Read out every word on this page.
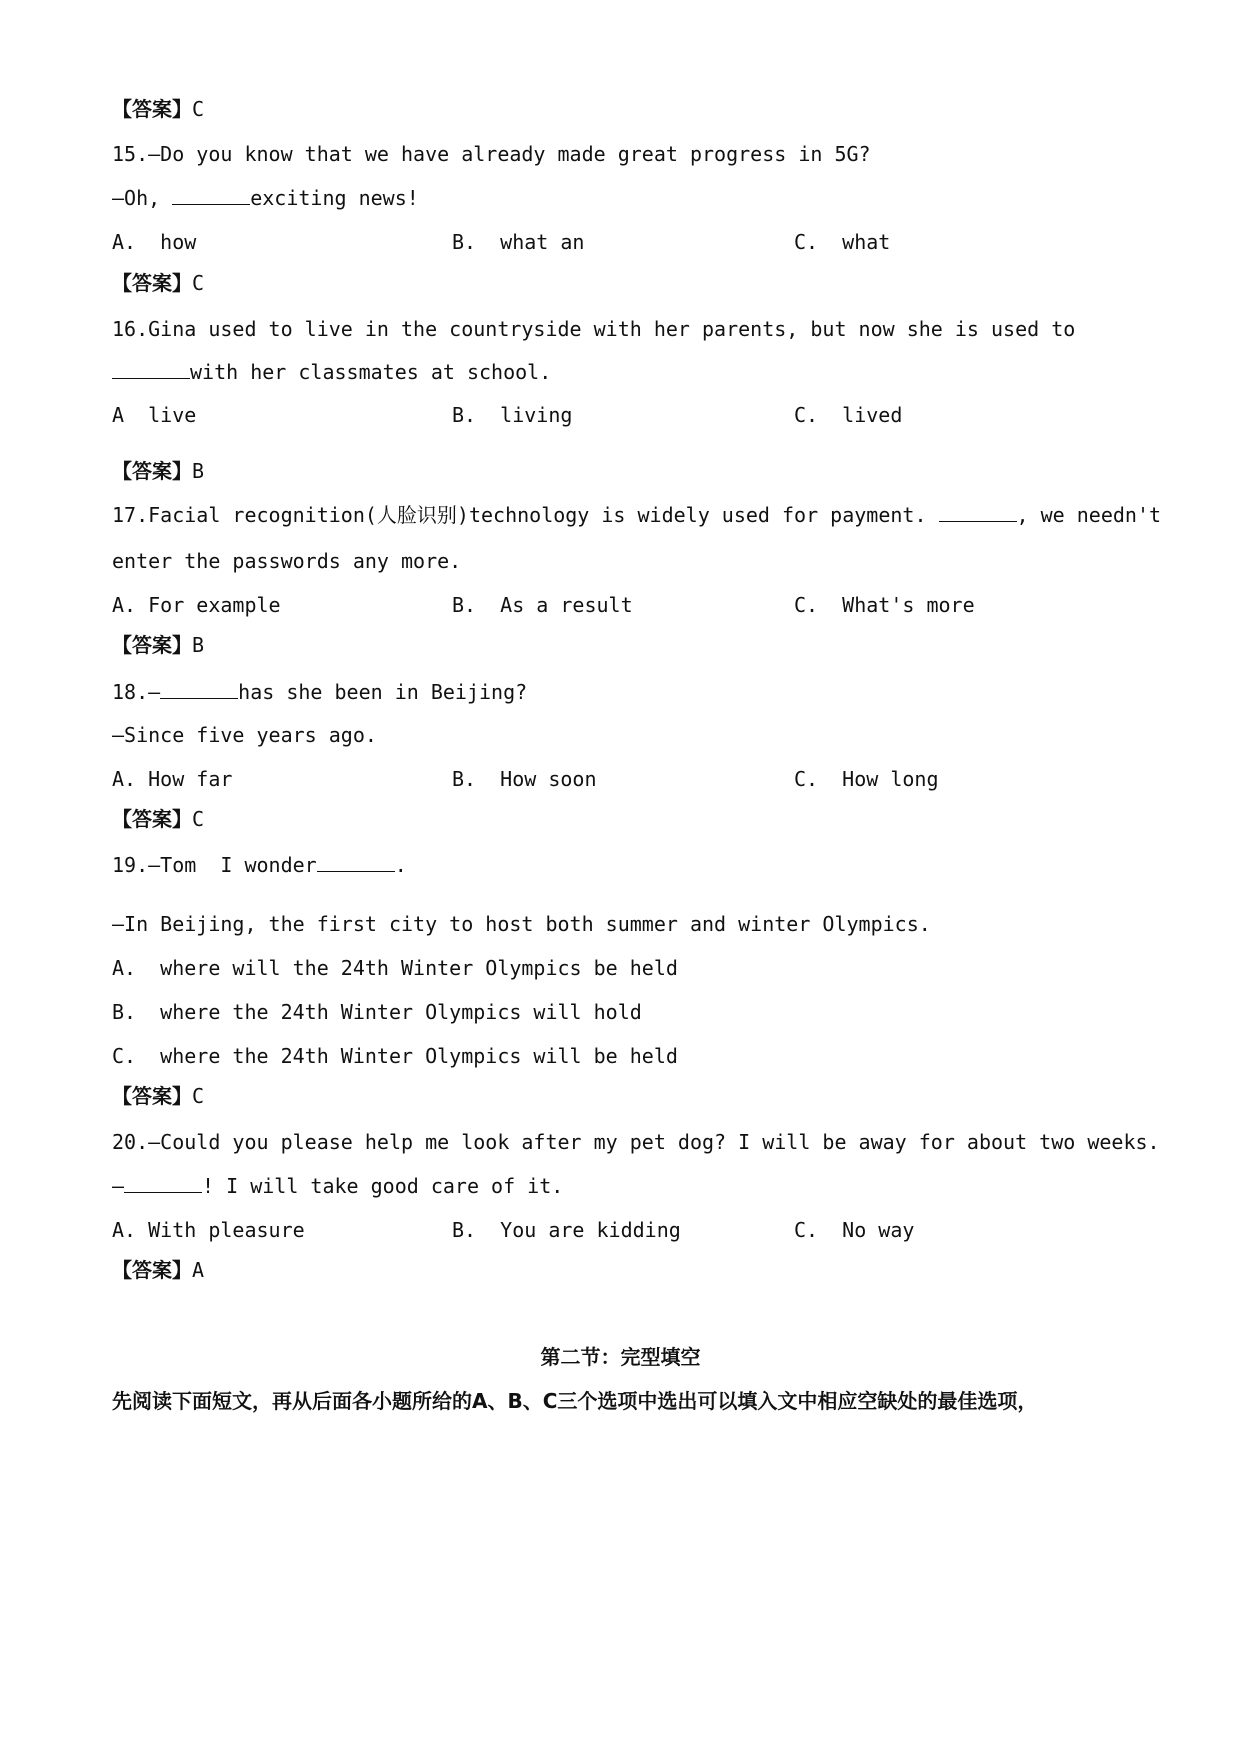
【答案】C
15.—Do you know that we have already made great progress in 5G?
—Oh,	exciting news!
A.  how	B.  what an	C.  what
【答案】C
16.Gina used to live in the countryside with her parents, but now she is used to
with her classmates at school.
A  live	B.  living	C.  lived
【答案】B
17.Facial recognition(人脸识别)technology is widely used for payment.	, we needn't
enter the passwords any more.
A. For example	B.  As a result	C.  What's more
【答案】B
18.—	has she been in Beijing?
—Since five years ago.
A. How far	B.  How soon	C.  How long
【答案】C
19.—Tom  I wonder	.
—In Beijing, the first city to host both summer and winter Olympics.
A.  where will the 24th Winter Olympics be held
B.  where the 24th Winter Olympics will hold
C.  where the 24th Winter Olympics will be held
【答案】C
20.—Could you please help me look after my pet dog? I will be away for about two weeks.
—	! I will take good care of it.
A. With pleasure	B.  You are kidding	C.  No way
【答案】A
第二节：完型填空
先阅读下面短文，再从后面各小题所给的A、B、C三个选项中选出可以填入文中相应空缺处的最佳选项，
